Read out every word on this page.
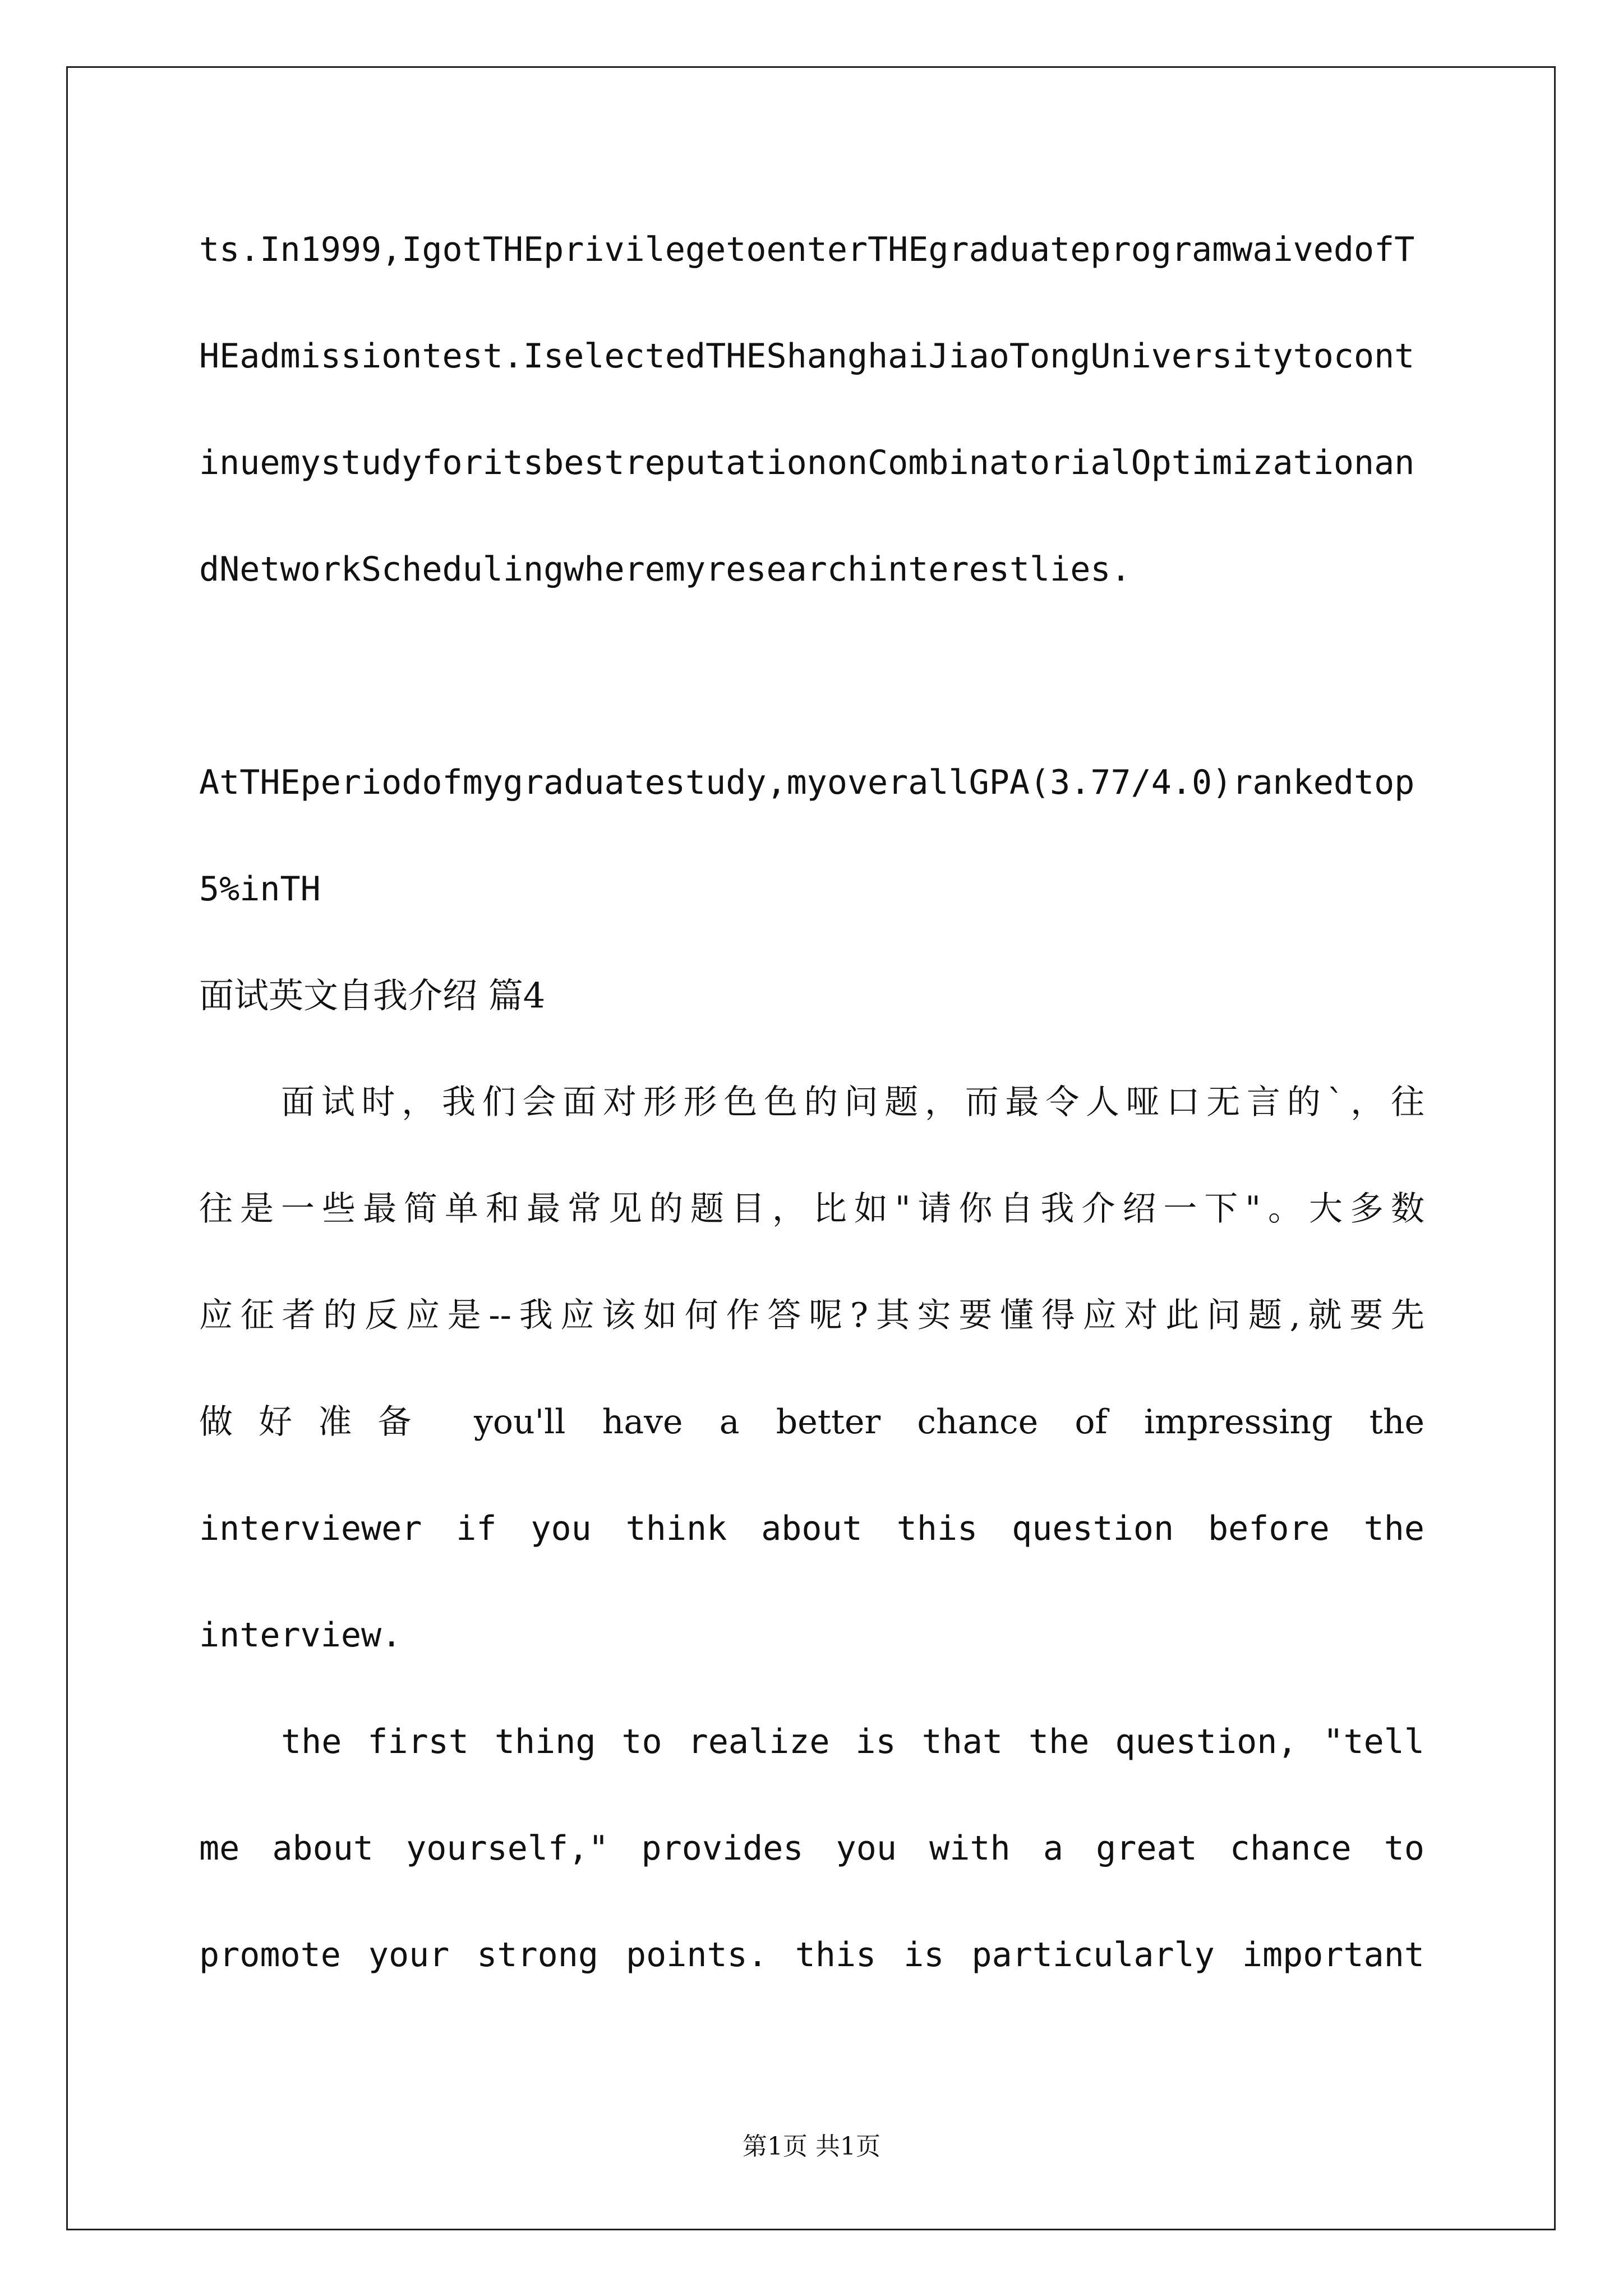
ts.In1999,IgotTHEprivilegetoenterTHEgraduateprogramwaivedofT
HEadmissiontest.IselectedTHEShanghaiJiaoTongUniversitytocont
inuemystudyforitsbestreputationonCombinatorialOptimizationan
dNetworkSchedulingwheremyresearchinterestlies.
AtTHEperiodofmygraduatestudy,myoverallGPA(3.77/4.0)rankedtop
5%inTH
面试英文自我介绍 篇4
面试时，我们会面对形形色色的问题，而最令人哑口无言的`，往
往是一些最简单和最常见的题目，比如"请你自我介绍一下"。大多数
应征者的反应是--我应该如何作答呢?其实要懂得应对此问题,就要先
做好准备 you'll have a better chance of impressing the
interviewer if you think about this question before the
interview.
the first thing to realize is that the question, "tell
me about yourself," provides you with a great chance to
promote your strong points. this is particularly important
第1页 共1页
